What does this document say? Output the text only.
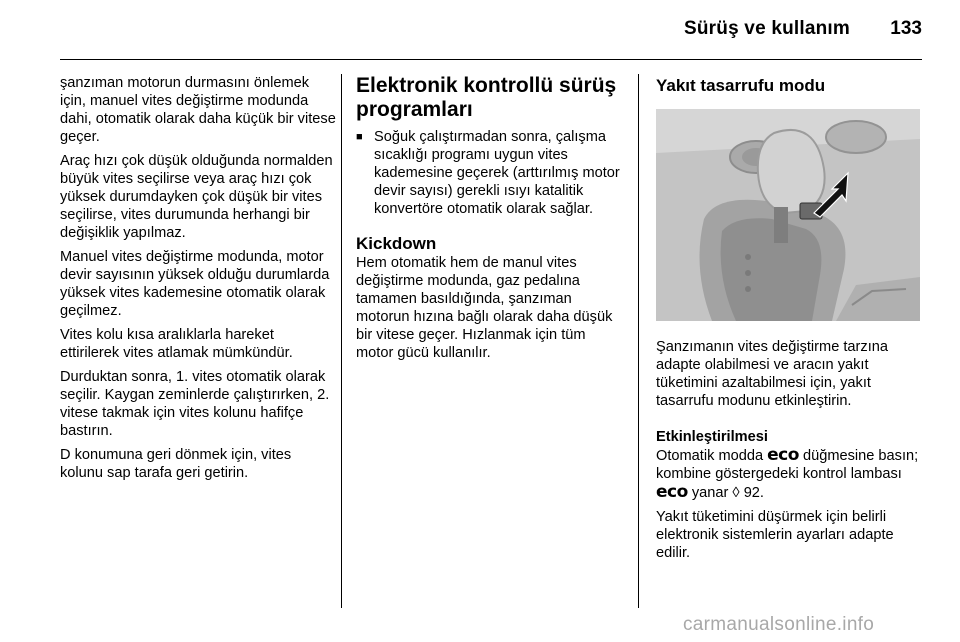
Sürüş ve kullanım	133

şanzıman motorun durmasını önlemek için, manuel vites değiştirme modunda dahi, otomatik olarak daha küçük bir vitese geçer.

Araç hızı çok düşük olduğunda normalden büyük vites seçilirse veya araç hızı çok yüksek durumdayken çok düşük bir vites seçilirse, vites durumunda herhangi bir değişiklik yapılmaz.

Manuel vites değiştirme modunda, motor devir sayısının yüksek olduğu durumlarda yüksek vites kademesine otomatik olarak geçilmez.

Vites kolu kısa aralıklarla hareket ettirilerek vites atlamak mümkündür.

Durduktan sonra, 1. vites otomatik olarak seçilir. Kaygan zeminlerde çalıştırırken, 2. vitese takmak için vites kolunu hafifçe bastırın.

D konumuna geri dönmek için, vites kolunu sap tarafa geri getirin.

Elektronik kontrollü sürüş programları
■ Soğuk çalıştırmadan sonra, çalışma sıcaklığı programı uygun vites kademesine geçerek (arttırılmış motor devir sayısı) gerekli ısıyı katalitik konvertöre otomatik olarak sağlar.
Kickdown

Hem otomatik hem de manul vites değiştirme modunda, gaz pedalına tamamen basıldığında, şanzıman motorun hızına bağlı olarak daha düşük bir vitese geçer. Hızlanmak için tüm motor gücü kullanılır.

Yakıt tasarrufu modu

Şanzımanın vites değiştirme tarzına adapte olabilmesi ve aracın yakıt tüketimini azaltabilmesi için, yakıt tasarrufu modunu etkinleştirin.

Etkinleştirilmesi

Otomatik modda eco düğmesine basın; kombine göstergedeki kontrol lambası eco yanar ◊ 92.

Yakıt tüketimini düşürmek için belirli elektronik sistemlerin ayarları adapte edilir.

carmanualsonline.info
